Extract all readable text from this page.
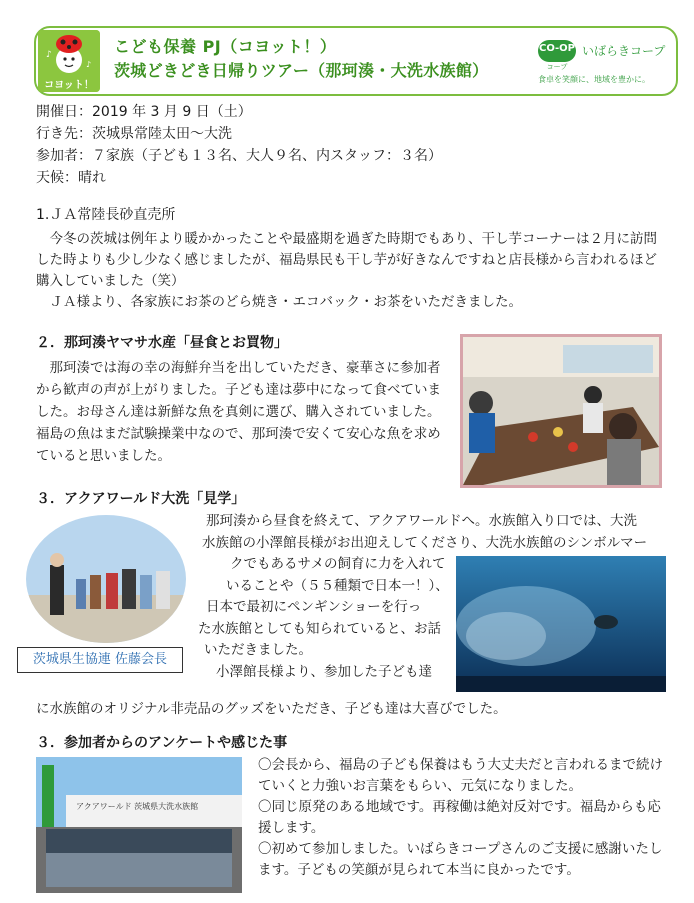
♪
♪
コヨット！
こども保養 PJ（コヨット！）
茨城どきどき日帰りツアー（那珂湊・大洗水族館）
CO-OP
コープ
いばらきコープ
食卓を笑顔に、地域を豊かに。
開催日：2019 年 3 月 9 日（土）
行き先：茨城県常陸太田～大洗
参加者：７家族（子ども１３名、大人９名、内スタッフ：３名）
天候：晴れ
1.ＪＡ常陸長砂直売所

今冬の茨城は例年より暖かかったことや最盛期を過ぎた時期でもあり、干し芋コーナーは２月に訪問した時よりも少し少なく感じましたが、福島県民も干し芋が好きなんですねと店長様から言われるほど購入していました（笑）

ＪＡ様より、各家族にお茶のどら焼き・エコバック・お茶をいただきました。

２．那珂湊ヤマサ水産「昼食とお買物」

那珂湊では海の幸の海鮮弁当を出していただき、豪華さに参加者から歓声の声が上がりました。子ども達は夢中になって食べていました。お母さん達は新鮮な魚を真剣に選び、購入されていました。福島の魚はまだ試験操業中なので、那珂湊で安くて安心な魚を求めていると思いました。

３．アクアワールド大洗「見学」
茨城県生協連 佐藤会長
那珂湊から昼食を終えて、アクアワールドへ。水族館入り口では、大洗
水族館の小澤館長様がお出迎えしてくださり、大洗水族館のシンボルマー
クでもあるサメの飼育に力を入れて
いることや（５５種類で日本一！）、
日本で最初にペンギンショーを行っ
た水族館としても知られていると、お話
いただきました。
小澤館長様より、参加した子ども達
に水族館のオリジナル非売品のグッズをいただき、子ども達は大喜びでした。
３．参加者からのアンケートや感じた事
アクアワールド 茨城県大洗水族館

〇会長から、福島の子ども保養はもう大丈夫だと言われるまで続けていくと力強いお言葉をもらい、元気になりました。

〇同じ原発のある地域です。再稼働は絶対反対です。福島からも応援します。

〇初めて参加しました。いばらきコープさんのご支援に感謝いたします。子どもの笑顔が見られて本当に良かったです。
